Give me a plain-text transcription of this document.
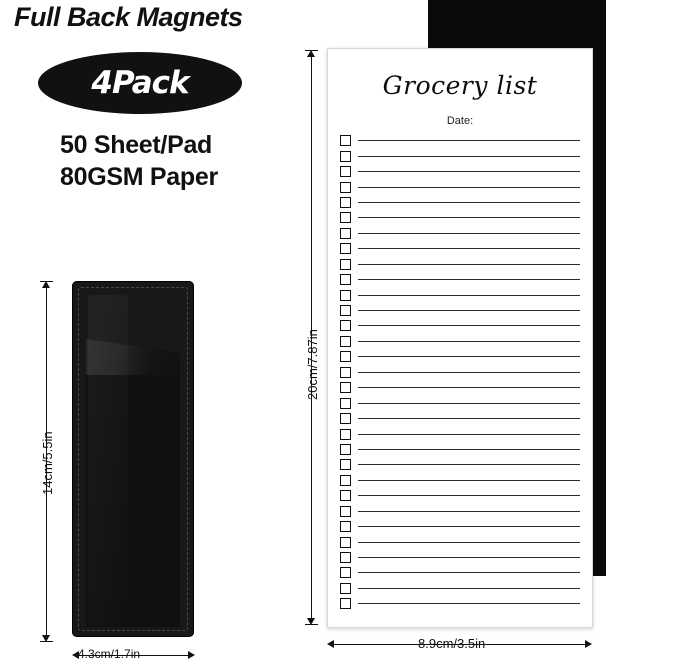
Full Back Magnets
4Pack
50 Sheet/Pad
80GSM Paper
14cm/5.5in
4.3cm/1.7in
Grocery list
Date:
20cm/7.87in
8.9cm/3.5in
